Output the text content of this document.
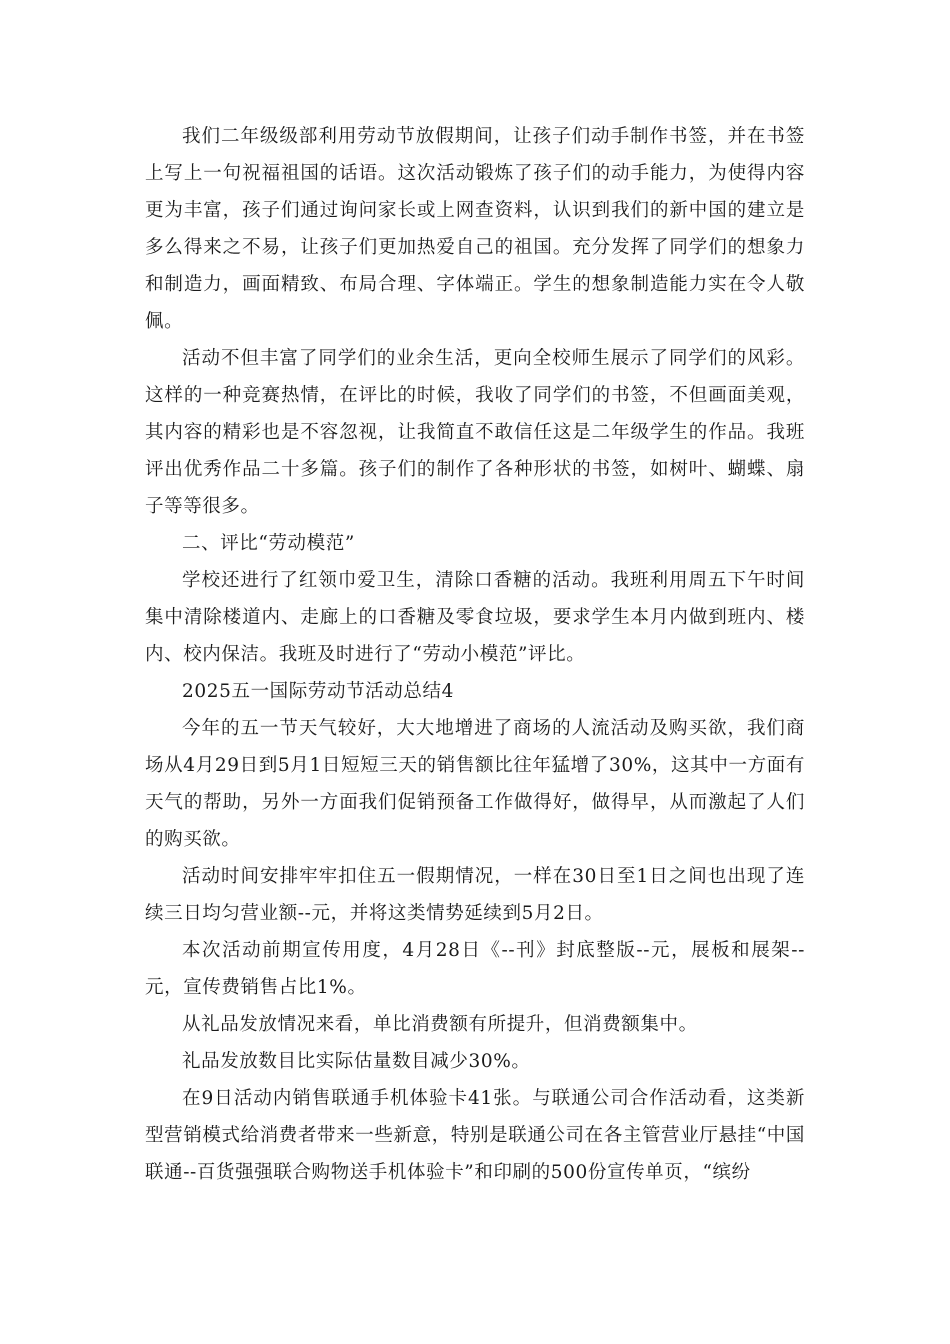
我们二年级级部利用劳动节放假期间，让孩子们动手制作书签，并在书签上写上一句祝福祖国的话语。这次活动锻炼了孩子们的动手能力，为使得内容更为丰富，孩子们通过询问家长或上网查资料，认识到我们的新中国的建立是多么得来之不易，让孩子们更加热爱自己的祖国。充分发挥了同学们的想象力和制造力，画面精致、布局合理、字体端正。学生的想象制造能力实在令人敬佩。

活动不但丰富了同学们的业余生活，更向全校师生展示了同学们的风彩。这样的一种竞赛热情，在评比的时候，我收了同学们的书签，不但画面美观，其内容的精彩也是不容忽视，让我简直不敢信任这是二年级学生的作品。我班评出优秀作品二十多篇。孩子们的制作了各种形状的书签，如树叶、蝴蝶、扇子等等很多。

二、评比“劳动模范”

学校还进行了红领巾爱卫生，清除口香糖的活动。我班利用周五下午时间集中清除楼道内、走廊上的口香糖及零食垃圾，要求学生本月内做到班内、楼内、校内保洁。我班及时进行了“劳动小模范”评比。

2025五一国际劳动节活动总结4

今年的五一节天气较好，大大地增进了商场的人流活动及购买欲，我们商场从4月29日到5月1日短短三天的销售额比往年猛增了30%，这其中一方面有天气的帮助，另外一方面我们促销预备工作做得好，做得早，从而激起了人们的购买欲。

活动时间安排牢牢扣住五一假期情况，一样在30日至1日之间也出现了连续三日均匀营业额--元，并将这类情势延续到5月2日。

本次活动前期宣传用度，4月28日《--刊》封底整版--元，展板和展架--元，宣传费销售占比1%。

从礼品发放情况来看，单比消费额有所提升，但消费额集中。

礼品发放数目比实际估量数目减少30%。

在9日活动内销售联通手机体验卡41张。与联通公司合作活动看，这类新型营销模式给消费者带来一些新意，特别是联通公司在各主管营业厅悬挂“中国联通--百货强强联合购物送手机体验卡”和印刷的500份宣传单页，“缤纷
